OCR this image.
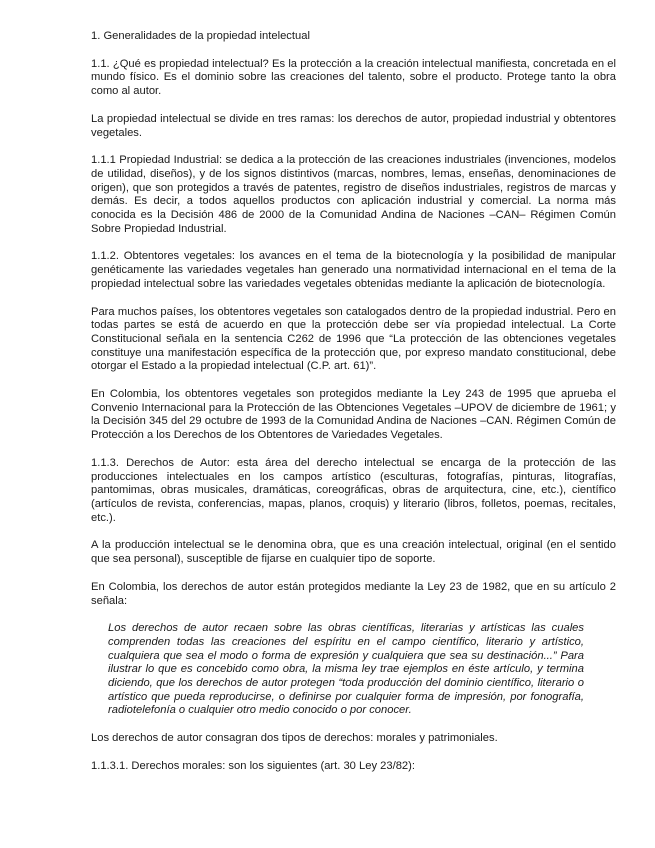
1. Generalidades de la propiedad intelectual
1.1. ¿Qué es propiedad intelectual? Es la protección a la creación intelectual manifiesta, concretada en el mundo físico. Es el dominio sobre las creaciones del talento, sobre el producto. Protege tanto la obra como al autor.
La propiedad intelectual se divide en tres ramas: los derechos de autor, propiedad industrial y obtentores vegetales.
1.1.1 Propiedad Industrial: se dedica a la protección de las creaciones industriales (invenciones, modelos de utilidad, diseños), y de los signos distintivos (marcas, nombres, lemas, enseñas, denominaciones de origen), que son protegidos a través de patentes, registro de diseños industriales, registros de marcas y demás. Es decir, a todos aquellos productos con aplicación industrial y comercial. La norma más conocida es la Decisión 486 de 2000 de la Comunidad Andina de Naciones –CAN– Régimen Común Sobre Propiedad Industrial.
1.1.2. Obtentores vegetales: los avances en el tema de la biotecnología y la posibilidad de manipular genéticamente las variedades vegetales han generado una normatividad internacional en el tema de la propiedad intelectual sobre las variedades vegetales obtenidas mediante la aplicación de biotecnología.
Para muchos países, los obtentores vegetales son catalogados dentro de la propiedad industrial. Pero en todas partes se está de acuerdo en que la protección debe ser vía propiedad intelectual. La Corte Constitucional señala en la sentencia C262 de 1996 que “La protección de las obtenciones vegetales constituye una manifestación específica de la protección que, por expreso mandato constitucional, debe otorgar el Estado a la propiedad intelectual (C.P. art. 61)”.
En Colombia, los obtentores vegetales son protegidos mediante la Ley 243 de 1995 que aprueba el Convenio Internacional para la Protección de las Obtenciones Vegetales –UPOV de diciembre de 1961; y la Decisión 345 del 29 octubre de 1993 de la Comunidad Andina de Naciones –CAN. Régimen Común de Protección a los Derechos de los Obtentores de Variedades Vegetales.
1.1.3. Derechos de Autor: esta área del derecho intelectual se encarga de la protección de las producciones intelectuales en los campos artístico (esculturas, fotografías, pinturas, litografías, pantomimas, obras musicales, dramáticas, coreográficas, obras de arquitectura, cine, etc.), científico (artículos de revista, conferencias, mapas, planos, croquis) y literario (libros, folletos, poemas, recitales, etc.).
A la producción intelectual se le denomina obra, que es una creación intelectual, original (en el sentido que sea personal), susceptible de fijarse en cualquier tipo de soporte.
En Colombia, los derechos de autor están protegidos mediante la Ley 23 de 1982, que en su artículo 2 señala:
Los derechos de autor recaen sobre las obras científicas, literarias y artísticas las cuales comprenden todas las creaciones del espíritu en el campo científico, literario y artístico, cualquiera que sea el modo o forma de expresión y cualquiera que sea su destinación...” Para ilustrar lo que es concebido como obra, la misma ley trae ejemplos en éste artículo, y termina diciendo, que los derechos de autor protegen “toda producción del dominio científico, literario o artístico que pueda reproducirse, o definirse por cualquier forma de impresión, por fonografía, radiotelefonía o cualquier otro medio conocido o por conocer.
Los derechos de autor consagran dos tipos de derechos: morales y patrimoniales.
1.1.3.1. Derechos morales: son los siguientes (art. 30 Ley 23/82):
